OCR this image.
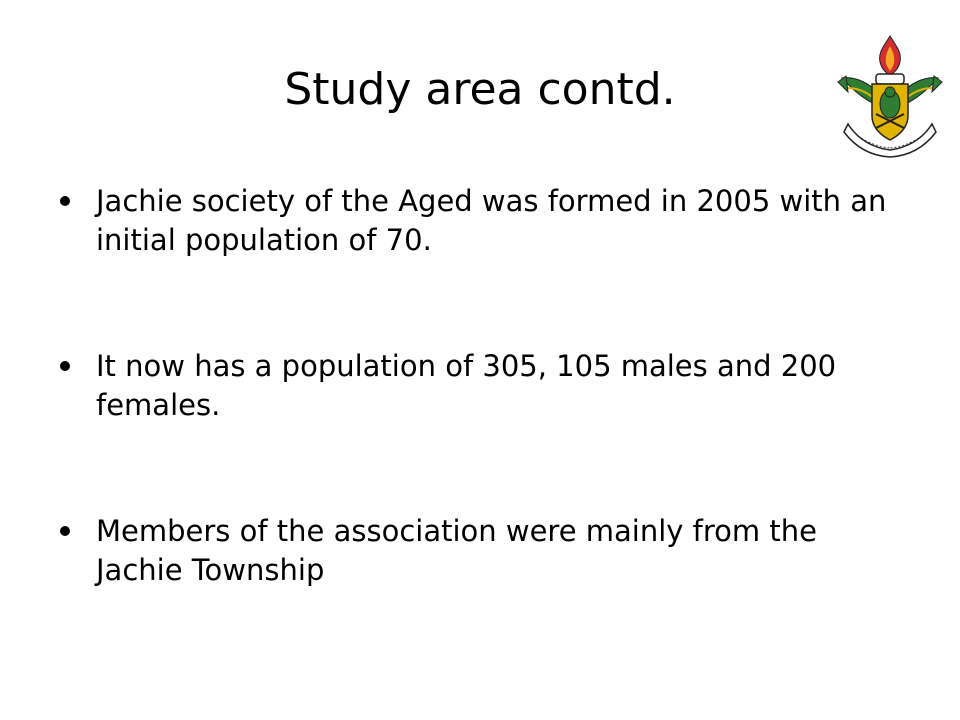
Study area contd.
Jachie society of the Aged was formed in 2005 with an initial population of 70.
It now has a population of 305, 105 males and 200 females.
Members of the association were mainly from the Jachie Township
